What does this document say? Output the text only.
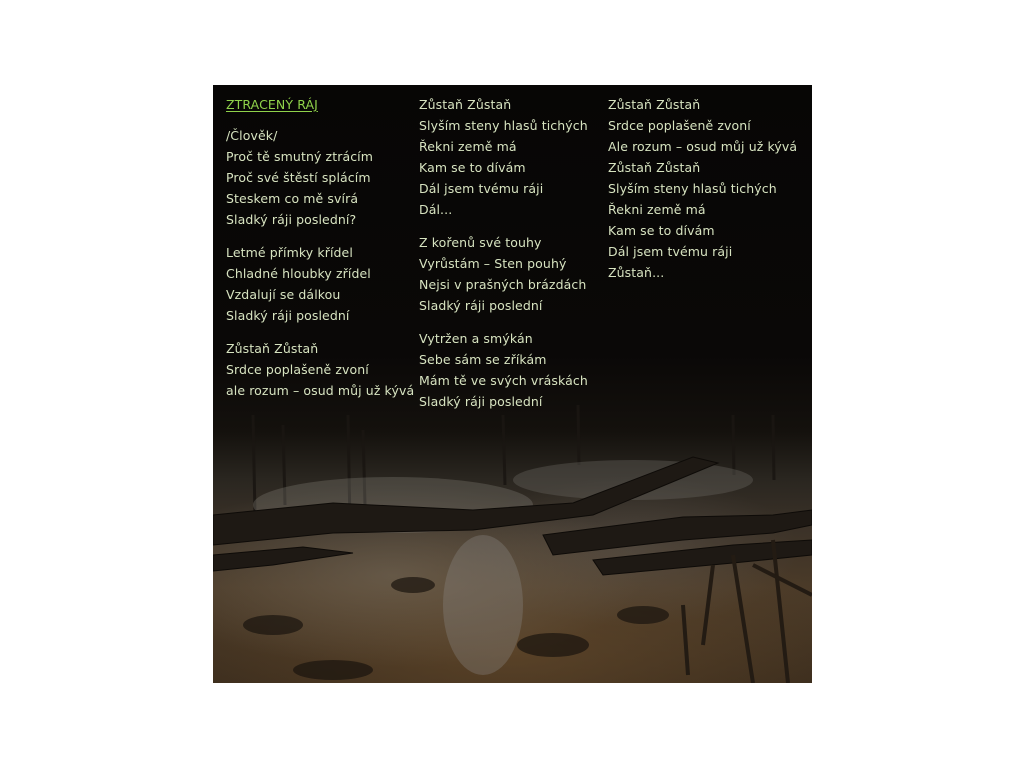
ZTRACENÝ RÁJ
/Člověk/
Proč tě smutný ztrácím
Proč své štěstí splácím
Steskem co mě svírá
Sladký ráji poslední?
Letmé přímky křídel
Chladné hloubky zřídel
Vzdalují se dálkou
Sladký ráji poslední
Zůstaň Zůstaň
Srdce poplašeně zvoní
ale rozum – osud můj už kývá
Zůstaň Zůstaň
Slyším steny hlasů tichých
Řekni země má
Kam se to dívám
Dál jsem tvému ráji
Dál...
Z kořenů své touhy
Vyrůstám – Sten pouhý
Nejsi v prašných brázdách
Sladký ráji poslední
Vytržen a smýkán
Sebe sám se zříkám
Mám tě ve svých vráskách
Sladký ráji poslední
Zůstaň Zůstaň
Srdce poplašeně zvoní
Ale rozum – osud můj už kývá
Zůstaň Zůstaň
Slyším steny hlasů tichých
Řekni země má
Kam se to dívám
Dál jsem tvému ráji
Zůstaň...
